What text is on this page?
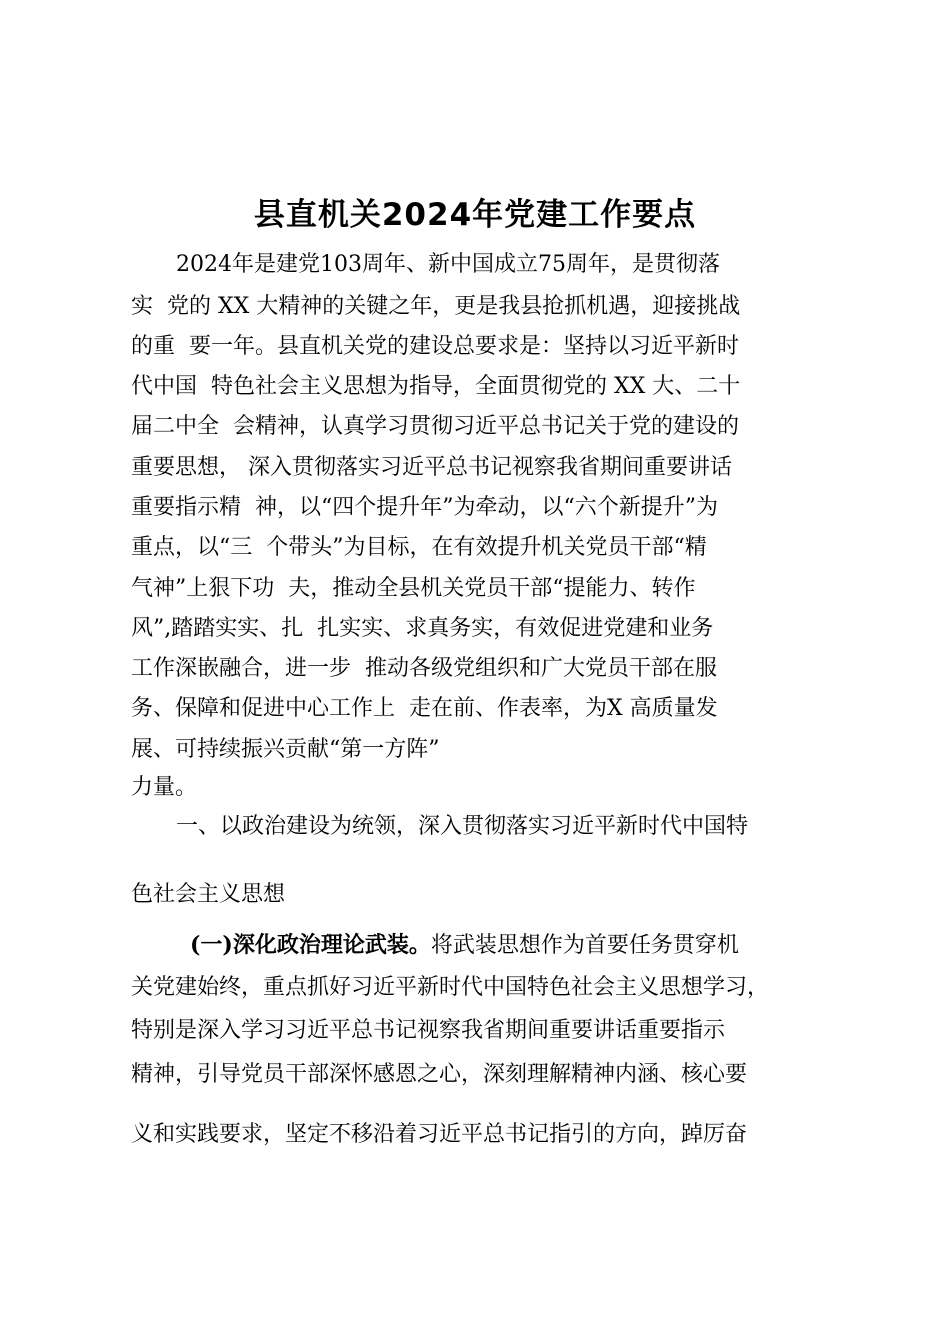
县直机关2024年党建工作要点
2024年是建党103周年、新中国成立75周年，是贯彻落
实  党的 XX 大精神的关键之年，更是我县抢抓机遇，迎接挑战
的重  要一年。县直机关党的建设总要求是：坚持以习近平新时
代中国  特色社会主义思想为指导，全面贯彻党的 XX 大、二十
届二中全  会精神，认真学习贯彻习近平总书记关于党的建设的
重要思想， 深入贯彻落实习近平总书记视察我省期间重要讲话
重要指示精  神，以“四个提升年”为牵动，以“六个新提升”为
重点，以“三  个带头”为目标，在有效提升机关党员干部“精
气神”上狠下功  夫，推动全县机关党员干部“提能力、转作
风”,踏踏实实、扎  扎实实、求真务实，有效促进党建和业务
工作深嵌融合，进一步  推动各级党组织和广大党员干部在服
务、保障和促进中心工作上  走在前、作表率，为X 高质量发
展、可持续振兴贡献“第一方阵”
力量。
一、以政治建设为统领，深入贯彻落实习近平新时代中国特
色社会主义思想
(一)深化政治理论武装。将武装思想作为首要任务贯穿机
关党建始终，重点抓好习近平新时代中国特色社会主义思想学习，
特别是深入学习习近平总书记视察我省期间重要讲话重要指示
精神，引导党员干部深怀感恩之心，深刻理解精神内涵、核心要
义和实践要求，坚定不移沿着习近平总书记指引的方向，踔厉奋
